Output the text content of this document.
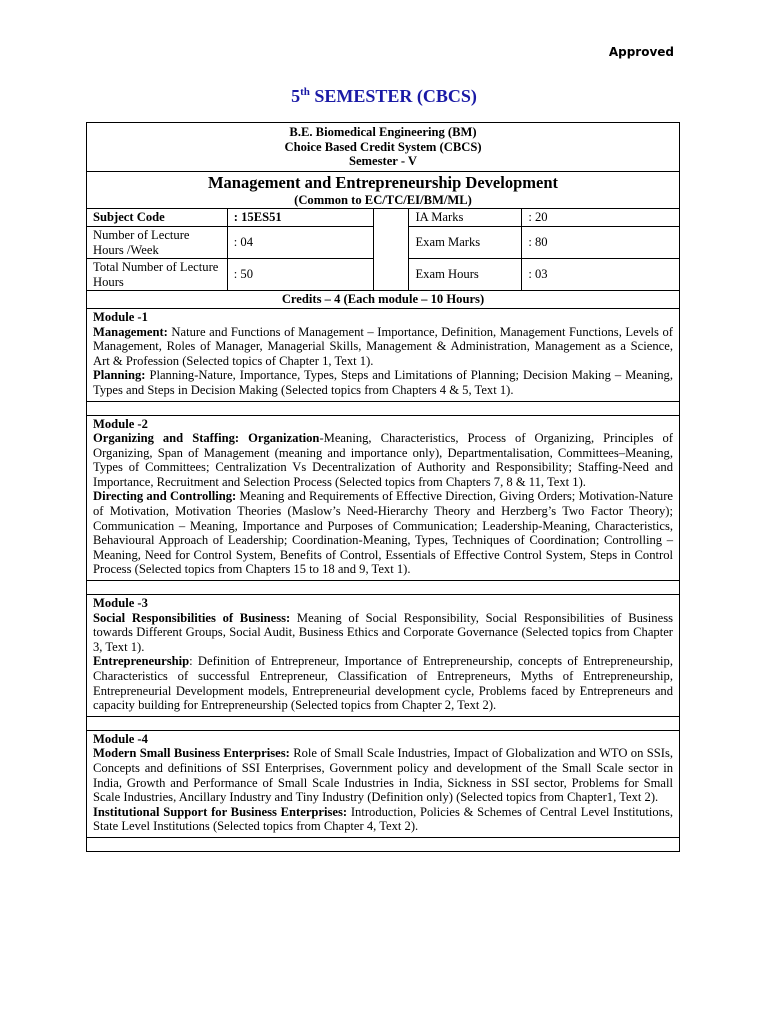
Approved
5th SEMESTER (CBCS)
B.E. Biomedical Engineering (BM)
Choice Based Credit System (CBCS)
Semester - V				

Management and Entrepreneurship Development
(Common to EC/TC/EI/BM/ML)				

Subject Code	: 15ES51		IA Marks	: 20
Number of Lecture Hours /Week	: 04		Exam Marks	: 80
Total Number of Lecture Hours	: 50		Exam Hours	: 03
Credits – 4 (Each module – 10 Hours)				

Module -1

Management: Nature and Functions of Management – Importance, Definition, Management Functions, Levels of Management, Roles of Manager, Managerial Skills, Management & Administration, Management as a Science, Art & Profession (Selected topics of Chapter 1, Text 1).

Planning: Planning-Nature, Importance, Types, Steps and Limitations of Planning; Decision Making – Meaning, Types and Steps in Decision Making (Selected topics from Chapters 4 & 5, Text 1).				

Module -2

Organizing and Staffing: Organization-Meaning, Characteristics, Process of Organizing, Principles of Organizing, Span of Management (meaning and importance only), Departmentalisation, Committees–Meaning, Types of Committees; Centralization Vs Decentralization of Authority and Responsibility; Staffing-Need and Importance, Recruitment and Selection Process (Selected topics from Chapters 7, 8 & 11, Text 1).

Directing and Controlling: Meaning and Requirements of Effective Direction, Giving Orders; Motivation-Nature of Motivation, Motivation Theories (Maslow’s Need-Hierarchy Theory and Herzberg’s Two Factor Theory); Communication – Meaning, Importance and Purposes of Communication; Leadership-Meaning, Characteristics, Behavioural Approach of Leadership; Coordination-Meaning, Types, Techniques of Coordination; Controlling – Meaning, Need for Control System, Benefits of Control, Essentials of Effective Control System, Steps in Control Process (Selected topics from Chapters 15 to 18 and 9, Text 1).				

Module -3

Social Responsibilities of Business: Meaning of Social Responsibility, Social Responsibilities of Business towards Different Groups, Social Audit, Business Ethics and Corporate Governance (Selected topics from Chapter 3, Text 1).

Entrepreneurship: Definition of Entrepreneur, Importance of Entrepreneurship, concepts of Entrepreneurship, Characteristics of successful Entrepreneur, Classification of Entrepreneurs, Myths of Entrepreneurship, Entrepreneurial Development models, Entrepreneurial development cycle, Problems faced by Entrepreneurs and capacity building for Entrepreneurship (Selected topics from Chapter 2, Text 2).				

Module -4

Modern Small Business Enterprises: Role of Small Scale Industries, Impact of Globalization and WTO on SSIs, Concepts and definitions of SSI Enterprises, Government policy and development of the Small Scale sector in India, Growth and Performance of Small Scale Industries in India, Sickness in SSI sector, Problems for Small Scale Industries, Ancillary Industry and Tiny Industry (Definition only) (Selected topics from Chapter1, Text 2).

Institutional Support for Business Enterprises: Introduction, Policies & Schemes of Central Level Institutions, State Level Institutions (Selected topics from Chapter 4, Text 2).				
